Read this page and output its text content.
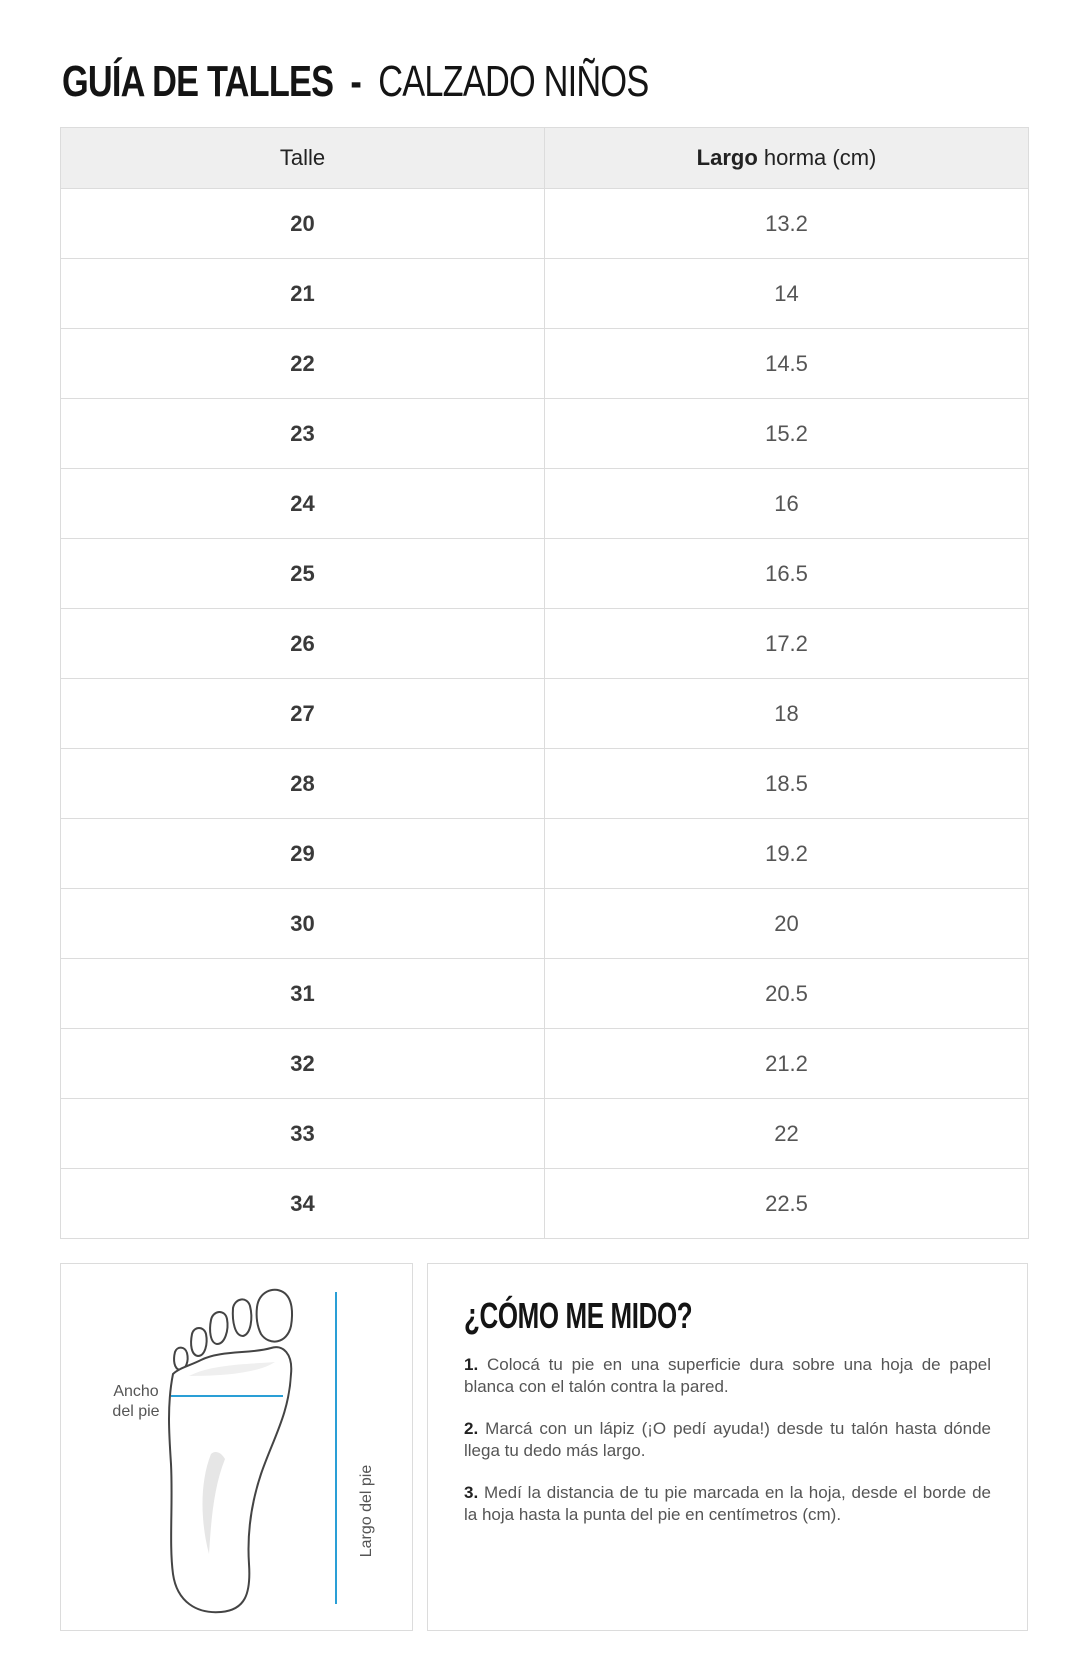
GUÍA DE TALLES - CALZADO NIÑOS
Talle	Largo horma (cm)
20	13.2
21	14
22	14.5
23	15.2
24	16
25	16.5
26	17.2
27	18
28	18.5
29	19.2
30	20
31	20.5
32	21.2
33	22
34	22.5
Ancho
del pie
Largo del pie
¿CÓMO ME MIDO?

1. Colocá tu pie en una superficie dura sobre una hoja de papel blanca con el talón contra la pared.

2. Marcá con un lápiz (¡O pedí ayuda!) desde tu talón hasta dónde llega tu dedo más largo.

3. Medí la distancia de tu pie marcada en la hoja, desde el borde de la hoja hasta la punta del pie en centímetros (cm).
